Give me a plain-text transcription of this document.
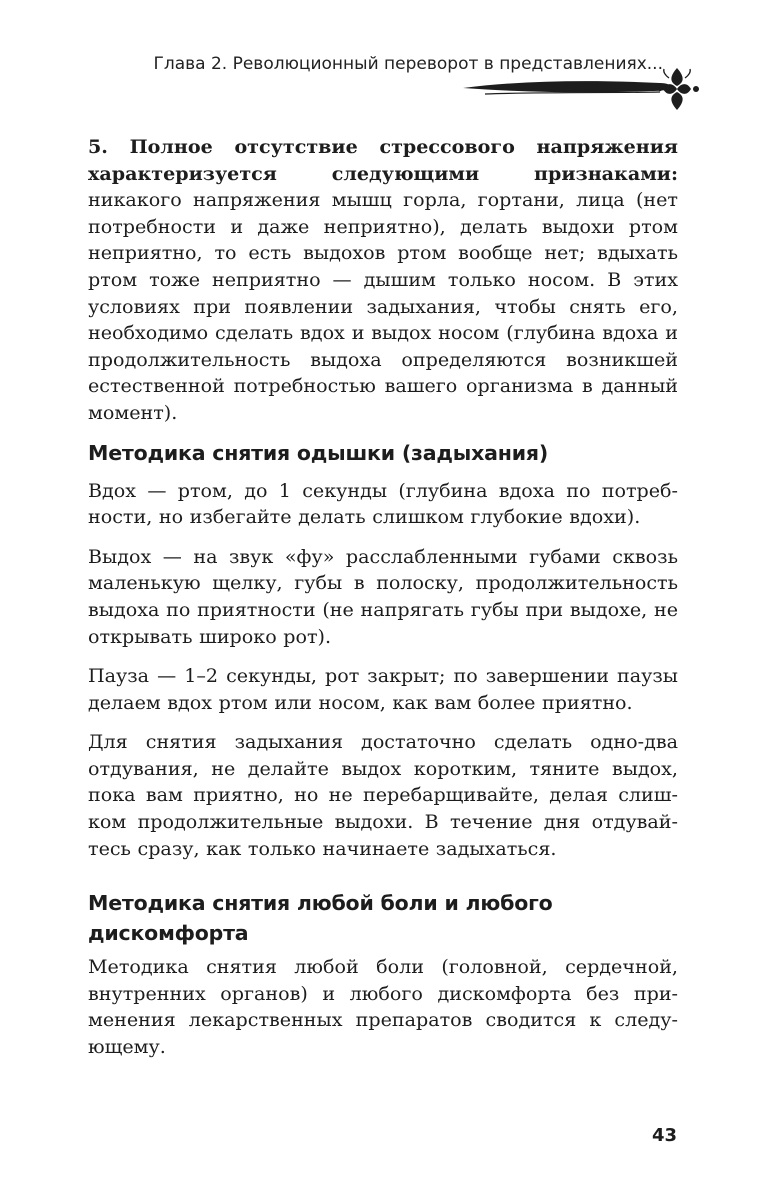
Глава 2. Революционный переворот в представлениях...

5. Полное отсутствие стрессового напряжения характеризуется следующими признаками: никакого напряжения мышц горла, гортани, лица (нет потребности и даже неприятно), делать выдохи ртом неприятно, то есть выдохов ртом вообще нет; вдыхать ртом тоже неприятно — дышим только носом. В этих условиях при появлении задыхания, чтобы снять его, необходимо сделать вдох и выдох носом (глубина вдоха и продолжительность выдоха определяются возникшей естественной потребностью вашего организма в данный момент).

Методика снятия одышки (задыхания)

Вдох — ртом, до 1 секунды (глубина вдоха по потребности, но избегайте делать слишком глубокие вдохи).

Выдох — на звук «фу» расслабленными губами сквозь маленькую щелку, губы в полоску, продолжительность выдоха по приятности (не напрягать губы при выдохе, не открывать широко рот).

Пауза — 1–2 секунды, рот закрыт; по завершении паузы делаем вдох ртом или носом, как вам более приятно.

Для снятия задыхания достаточно сделать одно-два отдувания, не делайте выдох коротким, тяните выдох, пока вам приятно, но не перебарщивайте, делая слишком продолжительные выдохи. В течение дня отдувайтесь сразу, как только начинаете задыхаться.

Методика снятия любой боли и любого дискомфорта

Методика снятия любой боли (головной, сердечной, внутренних органов) и любого дискомфорта без применения лекарственных препаратов сводится к следующему.

43
